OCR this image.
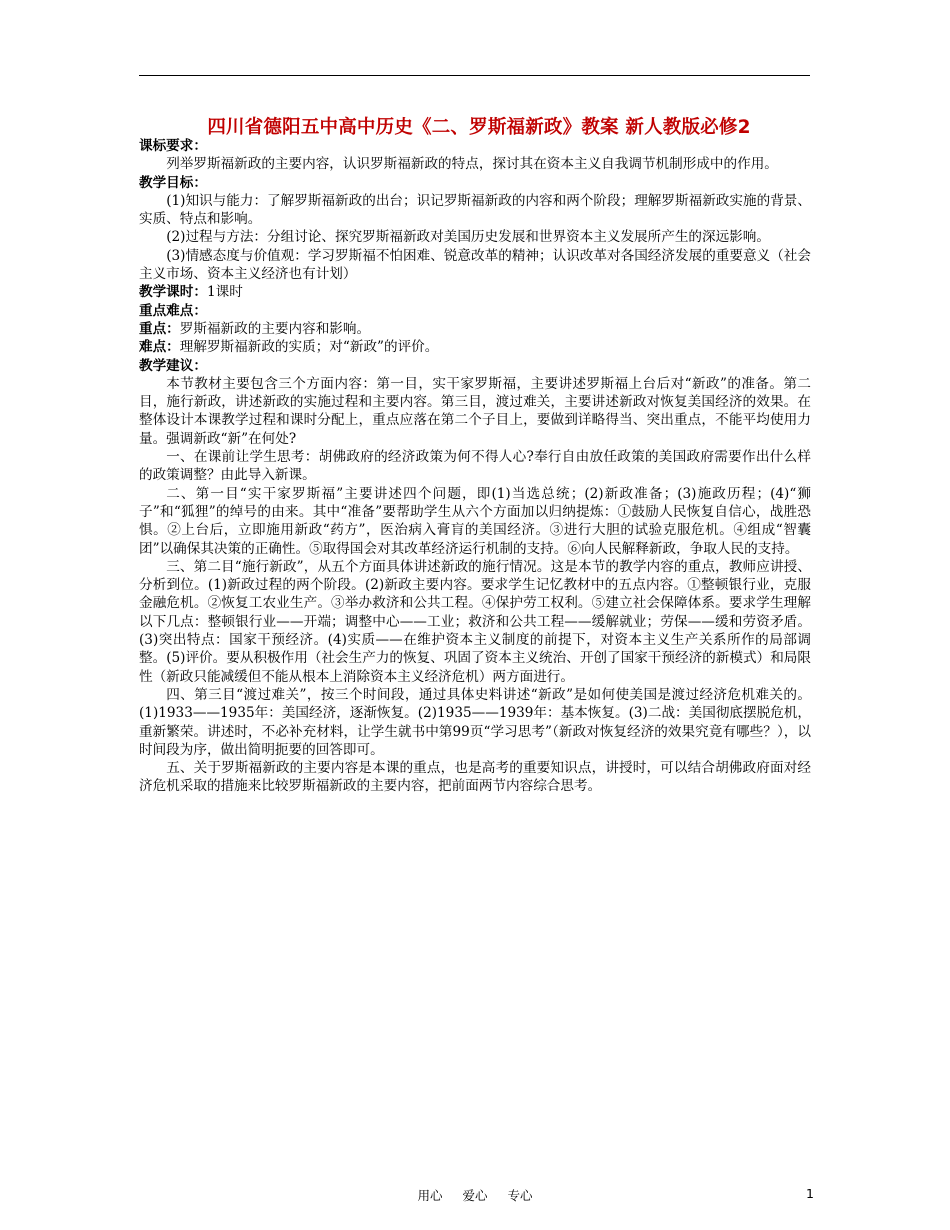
四川省德阳五中高中历史《二、罗斯福新政》教案 新人教版必修2

课标要求：

列举罗斯福新政的主要内容，认识罗斯福新政的特点，探讨其在资本主义自我调节机制形成中的作用。

教学目标：

(1)知识与能力：了解罗斯福新政的出台；识记罗斯福新政的内容和两个阶段；理解罗斯福新政实施的背景、实质、特点和影响。

(2)过程与方法：分组讨论、探究罗斯福新政对美国历史发展和世界资本主义发展所产生的深远影响。

(3)情感态度与价值观：学习罗斯福不怕困难、锐意改革的精神；认识改革对各国经济发展的重要意义（社会主义市场、资本主义经济也有计划）

教学课时：1课时

重点难点：

重点：罗斯福新政的主要内容和影响。

难点：理解罗斯福新政的实质；对“新政”的评价。

教学建议：

本节教材主要包含三个方面内容：第一目，实干家罗斯福，主要讲述罗斯福上台后对“新政”的准备。第二目，施行新政，讲述新政的实施过程和主要内容。第三目，渡过难关，主要讲述新政对恢复美国经济的效果。在整体设计本课教学过程和课时分配上，重点应落在第二个子目上，要做到详略得当、突出重点，不能平均使用力量。强调新政“新”在何处?

一、在课前让学生思考：胡佛政府的经济政策为何不得人心?奉行自由放任政策的美国政府需要作出什么样的政策调整？由此导入新课。

二、第一目“实干家罗斯福”主要讲述四个问题，即(1)当选总统；(2)新政准备；(3)施政历程；(4)“狮子”和“狐狸”的绰号的由来。其中“准备”要帮助学生从六个方面加以归纳提炼：①鼓励人民恢复自信心，战胜恐惧。②上台后，立即施用新政“药方”，医治病入膏肓的美国经济。③进行大胆的试验克服危机。④组成“智囊团”以确保其决策的正确性。⑤取得国会对其改革经济运行机制的支持。⑥向人民解释新政，争取人民的支持。

三、第二目“施行新政”，从五个方面具体讲述新政的施行情况。这是本节的教学内容的重点，教师应讲授、分析到位。(1)新政过程的两个阶段。(2)新政主要内容。要求学生记忆教材中的五点内容。①整顿银行业，克服金融危机。②恢复工农业生产。③举办救济和公共工程。④保护劳工权利。⑤建立社会保障体系。要求学生理解以下几点：整顿银行业——开端；调整中心——工业；救济和公共工程——缓解就业；劳保——缓和劳资矛盾。(3)突出特点：国家干预经济。(4)实质——在维护资本主义制度的前提下，对资本主义生产关系所作的局部调整。(5)评价。要从积极作用（社会生产力的恢复、巩固了资本主义统治、开创了国家干预经济的新模式）和局限性（新政只能减缓但不能从根本上消除资本主义经济危机）两方面进行。

四、第三目“渡过难关”，按三个时间段，通过具体史料讲述“新政”是如何使美国是渡过经济危机难关的。(1)1933——1935年：美国经济，逐渐恢复。(2)1935——1939年：基本恢复。(3)二战：美国彻底摆脱危机，重新繁荣。讲述时，不必补充材料，让学生就书中第99页“学习思考”（新政对恢复经济的效果究竟有哪些？），以时间段为序，做出简明扼要的回答即可。

五、关于罗斯福新政的主要内容是本课的重点，也是高考的重要知识点，讲授时，可以结合胡佛政府面对经济危机采取的措施来比较罗斯福新政的主要内容，把前面两节内容综合思考。

用心 爱心 专心	1
